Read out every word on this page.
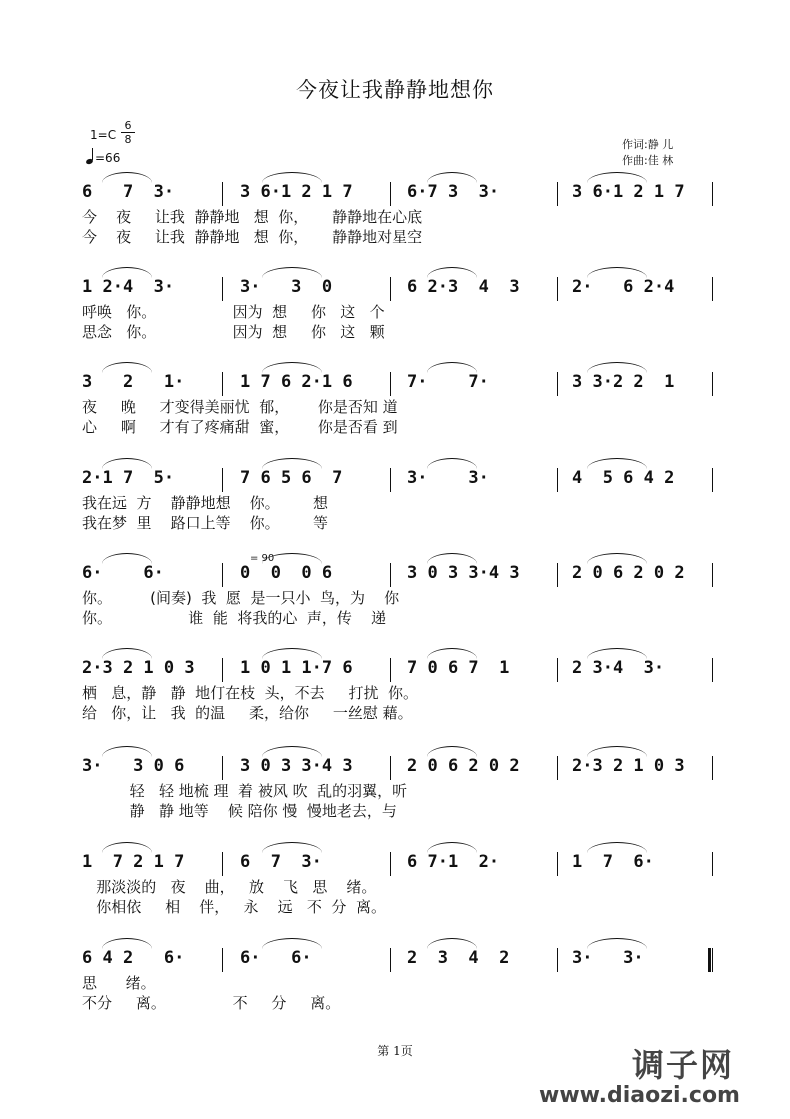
今夜让我静静地想你
1=C
6
8
=66
作词:静 儿
作曲:佳 林
6   7  3·	3 6·1 2 1 7	6·7 3  3·	3 6·1 2 1 7
今    夜     让我  静静地   想  你，     静静地在心底
今    夜     让我  静静地   想  你，     静静地对星空
1 2·4  3·	3·   3  0	6 2·3  4  3	2·   6 2·4
呼唤   你。                因为  想     你   这   个
思念   你。                因为  想     你   这   颗
3   2   1·	1 7 6 2·1 6	7·    7·	3 3·2 2  1
夜     晚     才变得美丽忧  郁，      你是否知 道
心     啊     才有了疼痛甜  蜜，      你是否看 到
2·1 7  5·	7 6 5 6  7	3·    3·	4  5 6 4 2
我在远  方    静静地想    你。       想
我在梦  里    路口上等    你。       等
6·    6·	0  0  0 6	3 0 3 3·4 3	2 0 6 2 0 2
= 90
你。        (间奏)  我  愿  是一只小  鸟，为    你
你。                谁  能  将我的心  声，传    递
2·3 2 1 0 3	1 0 1 1·7 6	7 0 6 7  1	2 3·4  3·
栖   息，静   静  地仃在枝  头，不去     打扰  你。
给   你，让   我  的温     柔，给你     一丝慰 藉。
3·   3 0 6	3 0 3 3·4 3	2 0 6 2 0 2	2·3 2 1 0 3
轻   轻 地梳 理  着 被风 吹  乱的羽翼，听
静   静 地等    候 陪你 慢  慢地老去，与
1  7 2 1 7	6  7  3·	6 7·1  2·	1  7  6·
那淡淡的   夜    曲，   放    飞   思    绪。
你相依     相    伴，   永    远   不  分  离。
6 4 2   6·	6·   6·	2  3  4  2	3·   3·
思      绪。
不分     离。              不     分     离。
第 1页	调子网
www.diaozi.com
